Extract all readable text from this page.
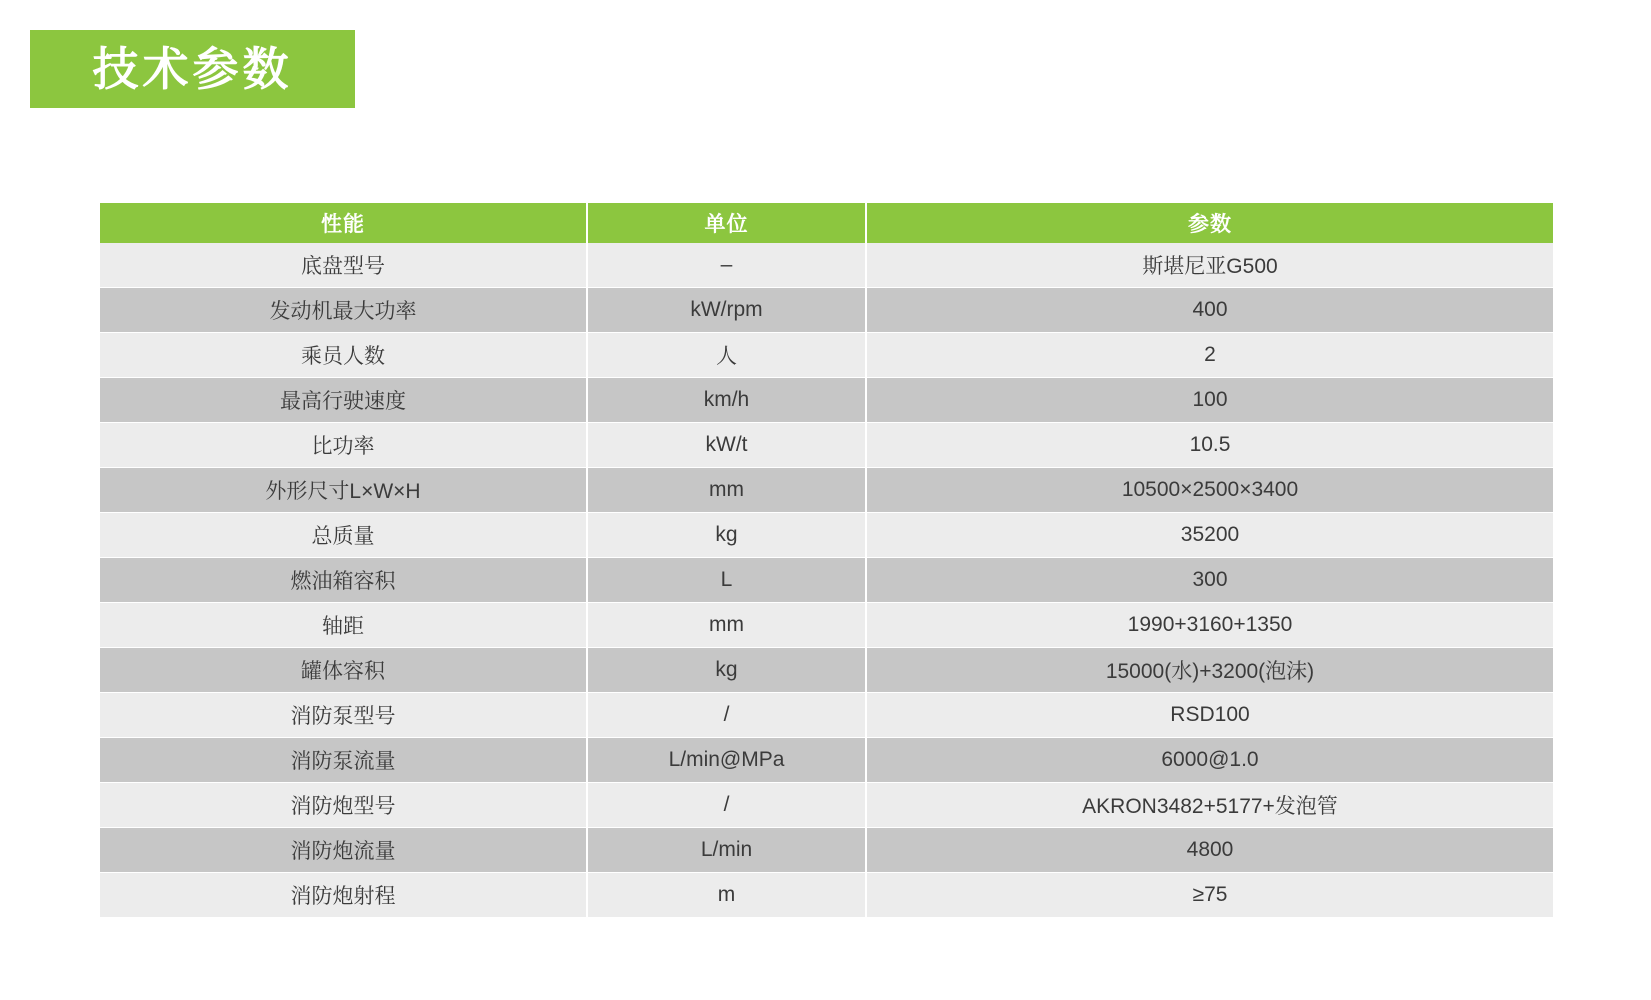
技术参数
性能	单位	参数
底盘型号	–	斯堪尼亚G500
发动机最大功率	kW/rpm	400
乘员人数	人	2
最高行驶速度	km/h	100
比功率	kW/t	10.5
外形尺寸L×W×H	mm	10500×2500×3400
总质量	kg	35200
燃油箱容积	L	300
轴距	mm	1990+3160+1350
罐体容积	kg	15000(水)+3200(泡沫)
消防泵型号	/	RSD100
消防泵流量	L/min@MPa	6000@1.0
消防炮型号	/	AKRON3482+5177+发泡管
消防炮流量	L/min	4800
消防炮射程	m	≥75
